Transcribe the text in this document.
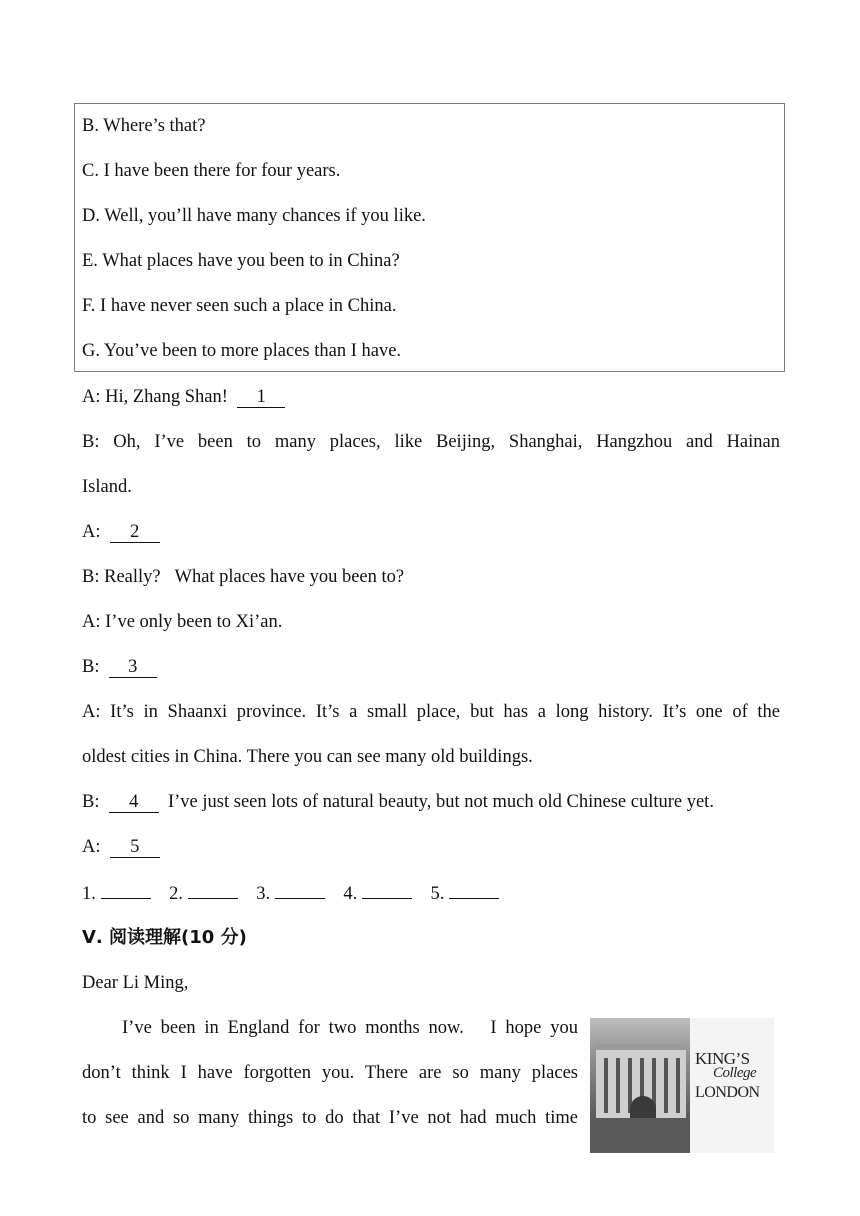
B. Where’s that?
C. I have been there for four years.
D. Well, you’ll have many chances if you like.
E. What places have you been to in China?
F. I have never seen such a place in China.
G. You’ve been to more places than I have.
A: Hi, Zhang Shan! 1
B: Oh, I’ve been to many places, like Beijing, Shanghai, Hangzhou and Hainan
Island.
A: 2
B: Really?   What places have you been to?
A: I’ve only been to Xi’an.
B: 3
A: It’s in Shaanxi province. It’s a small place, but has a long history. It’s one of the
oldest cities in China. There you can see many old buildings.
B: 4 I’ve just seen lots of natural beauty, but not much old Chinese culture yet.
A: 5
1.	2.	3.	4.	5.
Ⅴ. 阅读理解(10 分)
Dear Li Ming,
I’ve been in England for two months now.   I hope you
don’t think I have forgotten you. There are so many places
to see and so many things to do that I’ve not had much time
KING’S
College
LONDON
